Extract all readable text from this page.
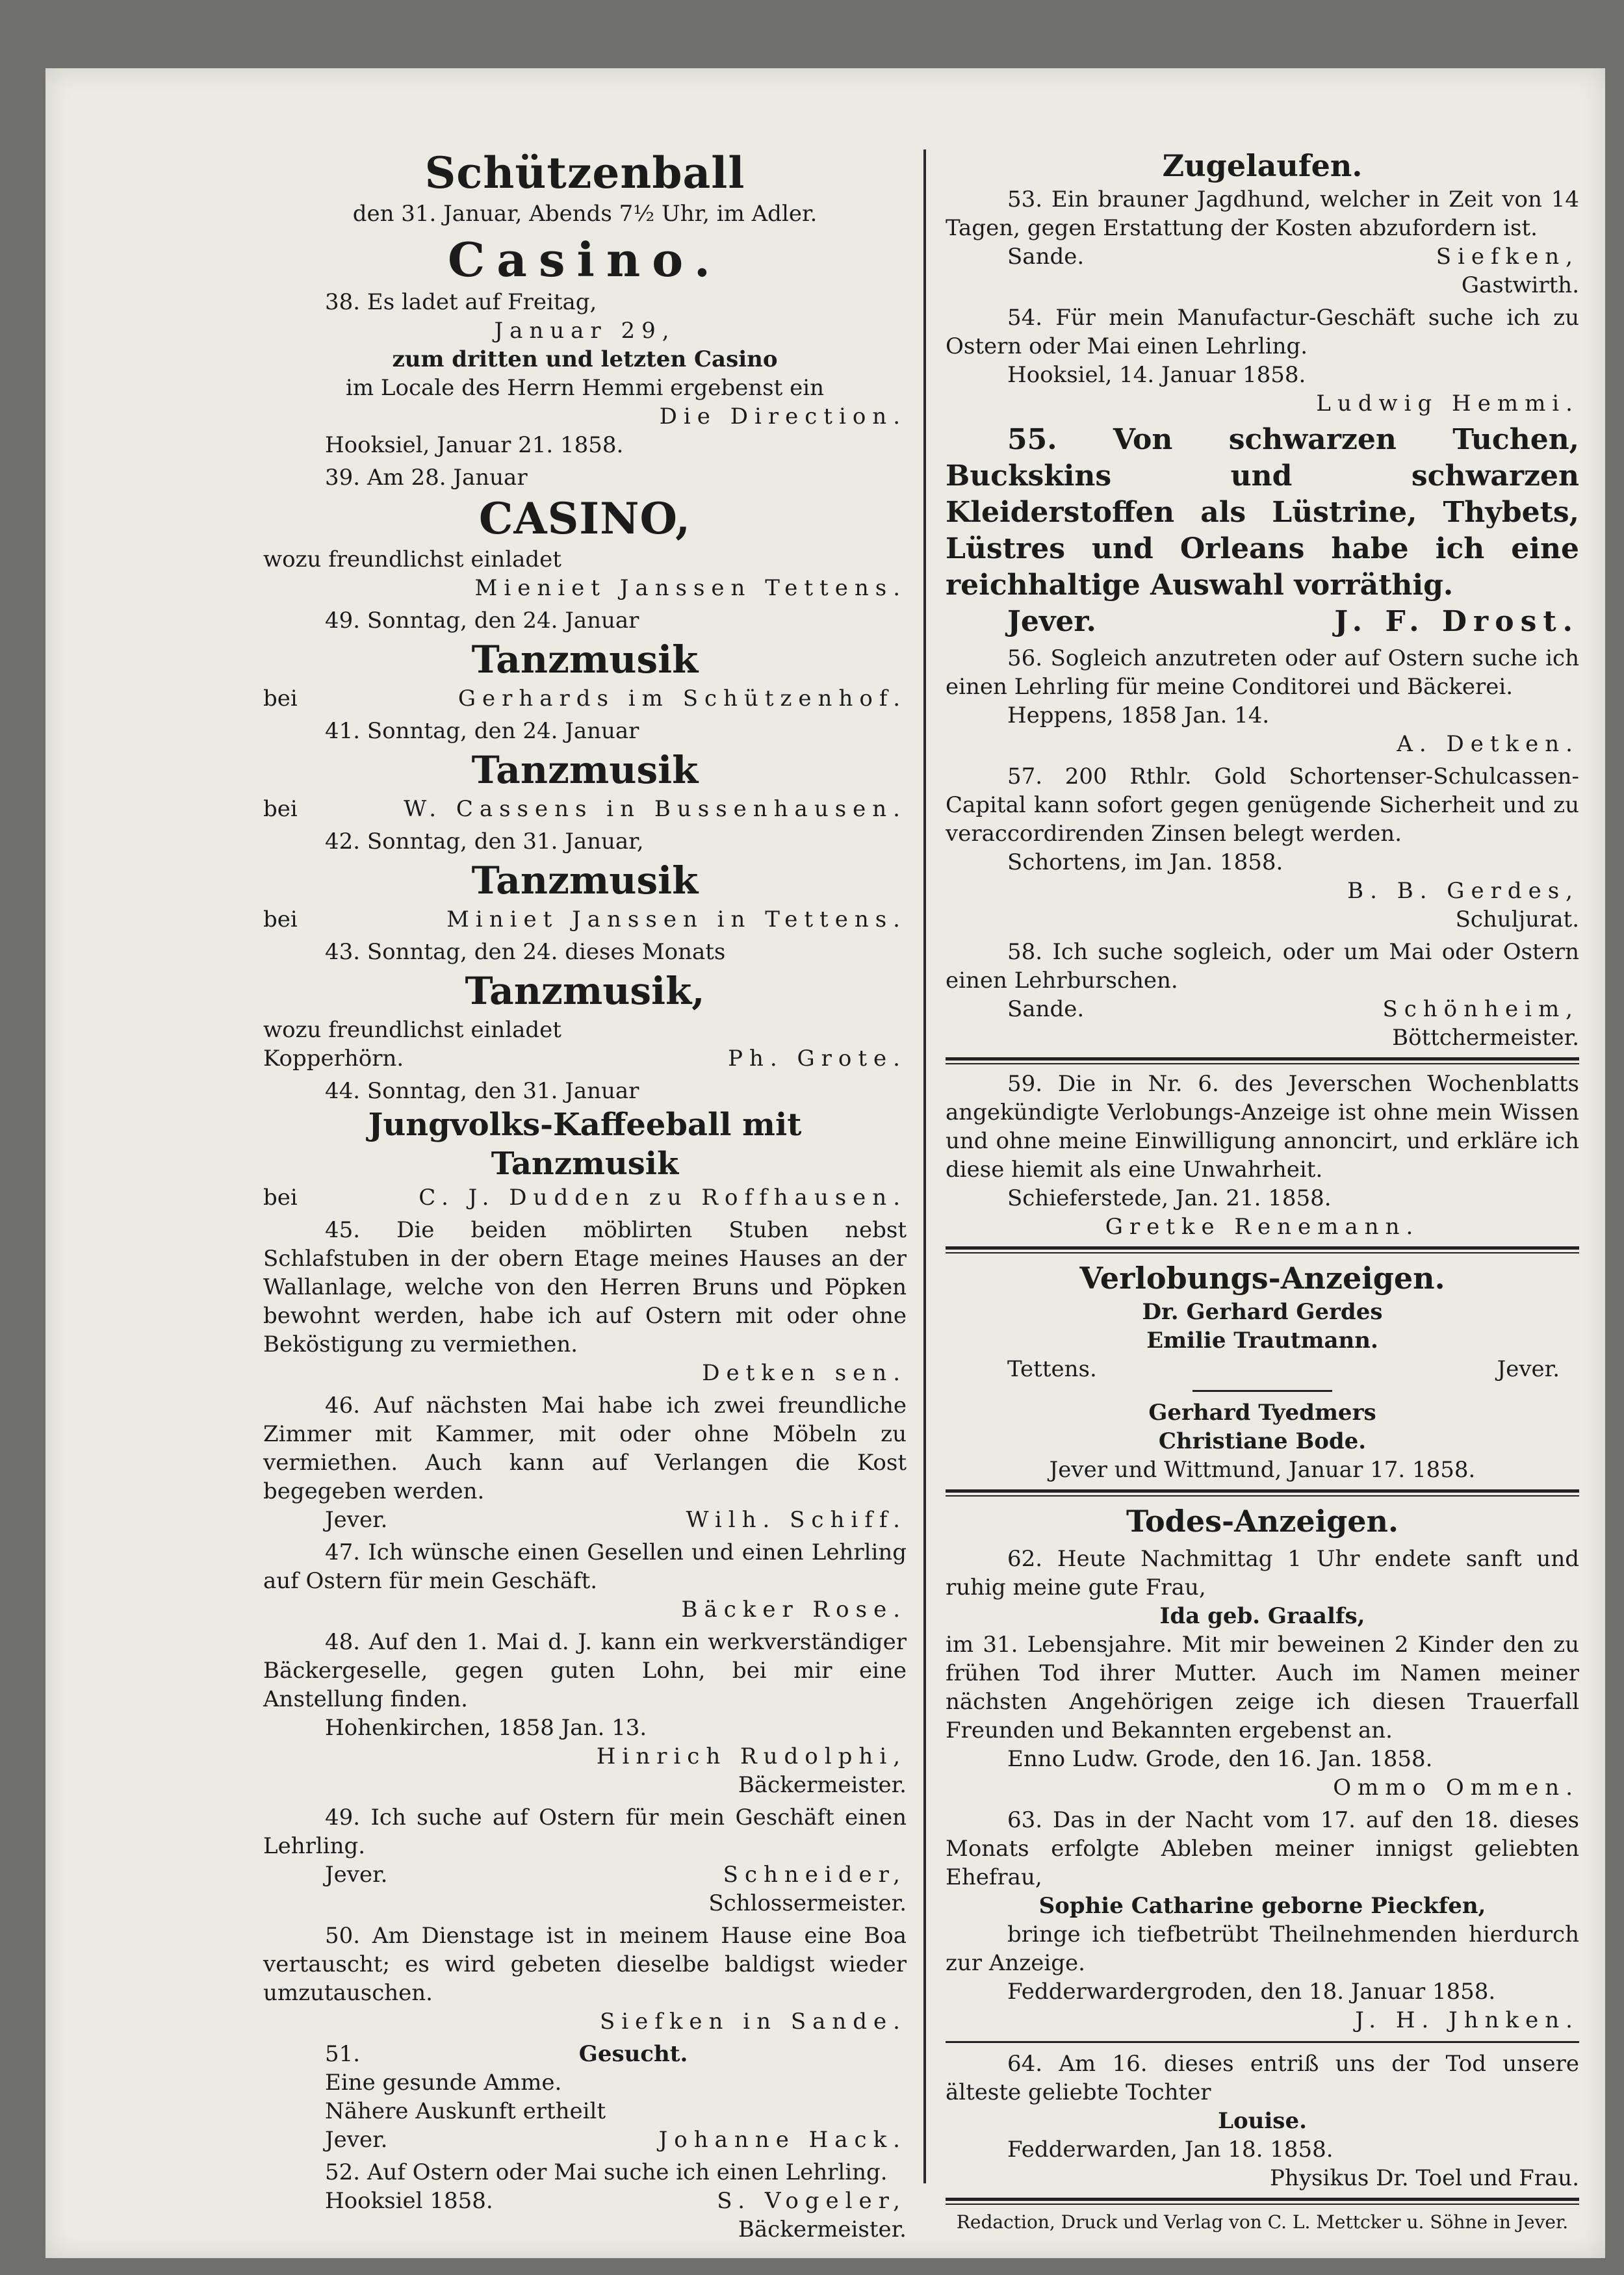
Schützenball
den 31. Januar, Abends 7½ Uhr, im Adler.
Casino.
38. Es ladet auf Freitag,
Januar 29,
zum dritten und letzten Casino
im Locale des Herrn Hemmi ergebenst ein
Die Direction.
Hooksiel, Januar 21. 1858.
39. Am 28. Januar
CASINO,
wozu freundlichst einladet
Mieniet Janssen Tettens.
49. Sonntag, den 24. Januar
Tanzmusik
bei	Gerhards im Schützenhof.
41. Sonntag, den 24. Januar
Tanzmusik
bei	W. Cassens in Bussenhausen.
42. Sonntag, den 31. Januar,
Tanzmusik
bei	Miniet Janssen in Tettens.
43. Sonntag, den 24. dieses Monats
Tanzmusik,
wozu freundlichst einladet
Kopperhörn.	Ph. Grote.
44. Sonntag, den 31. Januar
Jungvolks-Kaffeeball mit
Tanzmusik
bei	C. J. Dudden zu Roffhausen.
45. Die beiden möblirten Stuben nebst Schlafstuben in der obern Etage meines Hauses an der Wallanlage, welche von den Herren Bruns und Pöpken bewohnt werden, habe ich auf Ostern mit oder ohne Beköstigung zu vermiethen.
Detken sen.
46. Auf nächsten Mai habe ich zwei freundliche Zimmer mit Kammer, mit oder ohne Möbeln zu vermiethen. Auch kann auf Verlangen die Kost begegeben werden.
Jever.	Wilh. Schiff.
47. Ich wünsche einen Gesellen und einen Lehrling auf Ostern für mein Geschäft.
Bäcker Rose.
48. Auf den 1. Mai d. J. kann ein werkverständiger Bäckergeselle, gegen guten Lohn, bei mir eine Anstellung finden.
Hohenkirchen, 1858 Jan. 13.
Hinrich Rudolphi,
Bäckermeister.
49. Ich suche auf Ostern für mein Geschäft einen Lehrling.
Jever.	Schneider,
Schlossermeister.
50. Am Dienstage ist in meinem Hause eine Boa vertauscht; es wird gebeten dieselbe baldigst wieder umzutauschen.
Siefken in Sande.
51.	Gesucht.
Eine gesunde Amme.
Nähere Auskunft ertheilt
Jever.	Johanne Hack.
52. Auf Ostern oder Mai suche ich einen Lehrling.
Hooksiel 1858.	S. Vogeler,
Bäckermeister.
Zugelaufen.
53. Ein brauner Jagdhund, welcher in Zeit von 14 Tagen, gegen Erstattung der Kosten abzufordern ist.
Sande.	Siefken,
Gastwirth.
54. Für mein Manufactur-Geschäft suche ich zu Ostern oder Mai einen Lehrling.
Hooksiel, 14. Januar 1858.
Ludwig Hemmi.
55. Von schwarzen Tuchen, Buckskins und schwarzen Kleiderstoffen als Lüstrine, Thybets, Lüstres und Orleans habe ich eine reichhaltige Auswahl vorräthig.
Jever.	J. F. Drost.
56. Sogleich anzutreten oder auf Ostern suche ich einen Lehrling für meine Conditorei und Bäckerei.
Heppens, 1858 Jan. 14.
A. Detken.
57. 200 Rthlr. Gold Schortenser-Schulcassen-Capital kann sofort gegen genügende Sicherheit und zu veraccordirenden Zinsen belegt werden.
Schortens, im Jan. 1858.
B. B. Gerdes,
Schuljurat.
58. Ich suche sogleich, oder um Mai oder Ostern einen Lehrburschen.
Sande.	Schönheim,
Böttchermeister.
59. Die in Nr. 6. des Jeverschen Wochenblatts angekündigte Verlobungs-Anzeige ist ohne mein Wissen und ohne meine Einwilligung annoncirt, und erkläre ich diese hiemit als eine Unwahrheit.
Schieferstede, Jan. 21. 1858.
Gretke Renemann.
Verlobungs-Anzeigen.
Dr. Gerhard Gerdes
Emilie Trautmann.
Tettens.	Jever.
Gerhard Tyedmers
Christiane Bode.
Jever und Wittmund, Januar 17. 1858.
Todes-Anzeigen.
62. Heute Nachmittag 1 Uhr endete sanft und ruhig meine gute Frau,
Ida geb. Graalfs,
im 31. Lebensjahre. Mit mir beweinen 2 Kinder den zu frühen Tod ihrer Mutter. Auch im Namen meiner nächsten Angehörigen zeige ich diesen Trauerfall Freunden und Bekannten ergebenst an.
Enno Ludw. Grode, den 16. Jan. 1858.
Ommo Ommen.
63. Das in der Nacht vom 17. auf den 18. dieses Monats erfolgte Ableben meiner innigst geliebten Ehefrau,
Sophie Catharine geborne Pieckfen,
bringe ich tiefbetrübt Theilnehmenden hierdurch zur Anzeige.
Fedderwardergroden, den 18. Januar 1858.
J. H. Jhnken.
64. Am 16. dieses entriß uns der Tod unsere älteste geliebte Tochter
Louise.
Fedderwarden, Jan 18. 1858.
Physikus Dr. Toel und Frau.
Redaction, Druck und Verlag von C. L. Mettcker u. Söhne in Jever.
